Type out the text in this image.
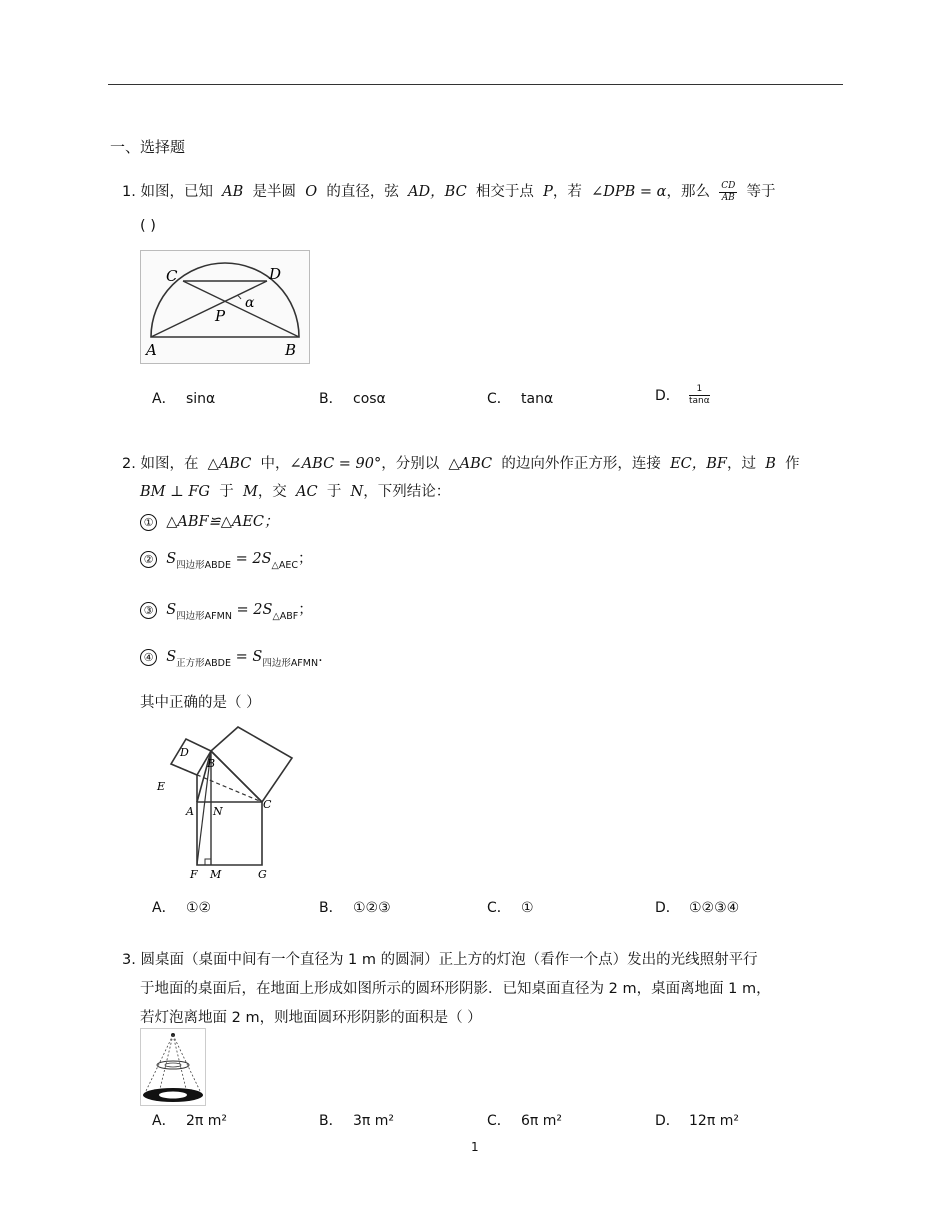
一、选择题
1. 如图，已知 AB 是半圆 O 的直径，弦 AD，BC 相交于点 P，若 ∠DPB = α，那么 $\frac{CD}{AB}$ 等于
( )
C	D
α
P
A	B
A． sinα	B． cosα	C． tanα	D． $\frac{1}{\tan\alpha}$
2. 如图，在 △ABC 中，∠ABC = 90°，分别以 △ABC 的边向外作正方形，连接 EC，BF，过 B 作
BM ⊥ FG 于 M，交 AC 于 N，下列结论：
① △ABF≌△AEC；
② $S_{四边形ABDE} = 2S_{\triangle AEC}$；
③ $S_{四边形AFMN} = 2S_{\triangle ABF}$；
④ $S_{正方形ABDE} = S_{四边形AFMN}$.
其中正确的是（ ）
D
B
E
C
A N
F M	G
A． ①②	B． ①②③	C． ①	D． ①②③④
3. 圆桌面（桌面中间有一个直径为 1 m 的圆洞）正上方的灯泡（看作一个点）发出的光线照射平行
于地面的桌面后，在地面上形成如图所示的圆环形阴影．已知桌面直径为 2 m，桌面离地面 1 m，
若灯泡离地面 2 m，则地面圆环形阴影的面积是（ ）
A． 2π m²	B． 3π m²	C． 6π m²	D． 12π m²
1
